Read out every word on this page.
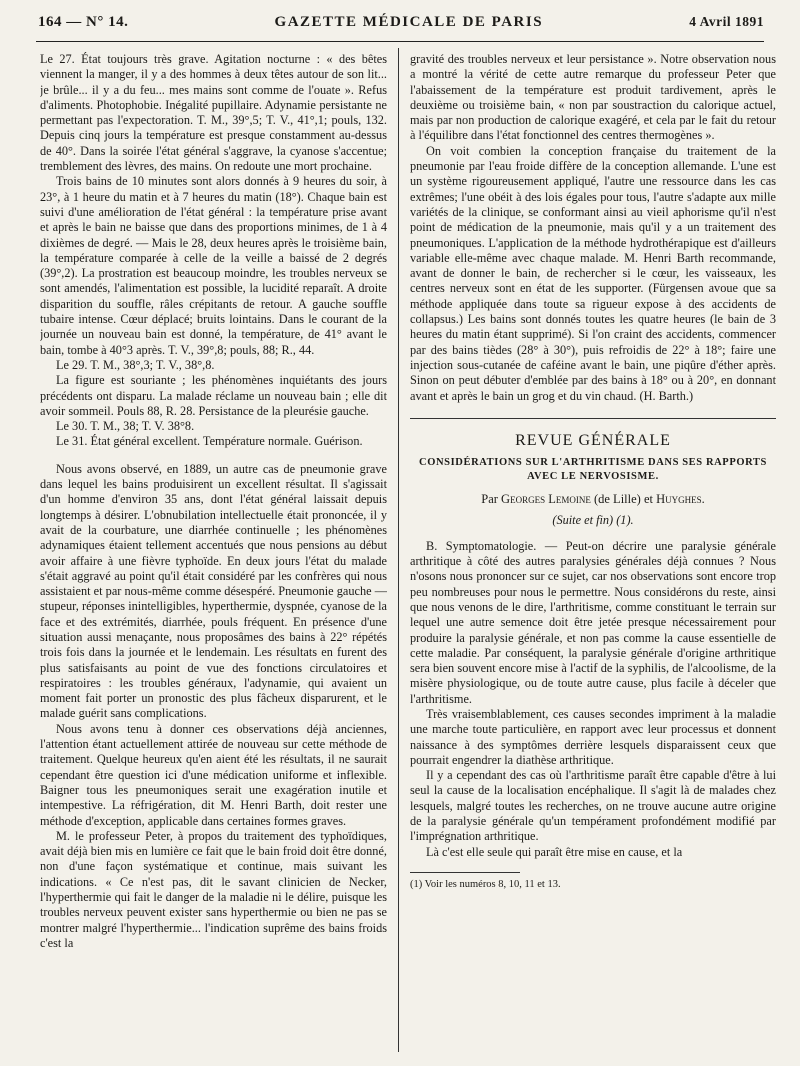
164 — N° 14.	GAZETTE MÉDICALE DE PARIS	4 Avril 1891

Le 27. État toujours très grave. Agitation nocturne : « des bêtes viennent la manger, il y a des hommes à deux têtes autour de son lit... je brûle... il y a du feu... mes mains sont comme de l'ouate ». Refus d'aliments. Photophobie. Inégalité pupillaire. Adynamie persistante ne permettant pas l'expectoration. T. M., 39°,5; T. V., 41°,1; pouls, 132. Depuis cinq jours la température est presque constamment au-dessus de 40°. Dans la soirée l'état général s'aggrave, la cyanose s'accentue; tremblement des lèvres, des mains. On redoute une mort prochaine.

Trois bains de 10 minutes sont alors donnés à 9 heures du soir, à 23°, à 1 heure du matin et à 7 heures du matin (18°). Chaque bain est suivi d'une amélioration de l'état général : la température prise avant et après le bain ne baisse que dans des proportions minimes, de 1 à 4 dixièmes de degré. — Mais le 28, deux heures après le troisième bain, la température comparée à celle de la veille a baissé de 2 degrés (39°,2). La prostration est beaucoup moindre, les troubles nerveux se sont amendés, l'alimentation est possible, la lucidité reparaît. A droite disparition du souffle, râles crépitants de retour. A gauche souffle tubaire intense. Cœur déplacé; bruits lointains. Dans le courant de la journée un nouveau bain est donné, la température, de 41° avant le bain, tombe à 40°3 après. T. V., 39°,8; pouls, 88; R., 44.

Le 29. T. M., 38°,3; T. V., 38°,8.

La figure est souriante ; les phénomènes inquiétants des jours précédents ont disparu. La malade réclame un nouveau bain ; elle dit avoir sommeil. Pouls 88, R. 28. Persistance de la pleurésie gauche.

Le 30. T. M., 38; T. V. 38°8.

Le 31. État général excellent. Température normale. Guérison.

Nous avons observé, en 1889, un autre cas de pneumonie grave dans lequel les bains produisirent un excellent résultat. Il s'agissait d'un homme d'environ 35 ans, dont l'état général laissait depuis longtemps à désirer. L'obnubilation intellectuelle était prononcée, il y avait de la courbature, une diarrhée continuelle ; les phénomènes adynamiques étaient tellement accentués que nous pensions au début avoir affaire à une fièvre typhoïde. En deux jours l'état du malade s'était aggravé au point qu'il était considéré par les confrères qui nous assistaient et par nous-même comme désespéré. Pneumonie gauche — stupeur, réponses inintelligibles, hyperthermie, dyspnée, cyanose de la face et des extrémités, diarrhée, pouls fréquent. En présence d'une situation aussi menaçante, nous proposâmes des bains à 22° répétés trois fois dans la journée et le lendemain. Les résultats en furent des plus satisfaisants au point de vue des fonctions circulatoires et respiratoires : les troubles généraux, l'adynamie, qui avaient un moment fait porter un pronostic des plus fâcheux disparurent, et le malade guérit sans complications.

Nous avons tenu à donner ces observations déjà anciennes, l'attention étant actuellement attirée de nouveau sur cette méthode de traitement. Quelque heureux qu'en aient été les résultats, il ne saurait cependant être question ici d'une médication uniforme et inflexible. Baigner tous les pneumoniques serait une exagération inutile et intempestive. La réfrigération, dit M. Henri Barth, doit rester une méthode d'exception, applicable dans certaines formes graves.

M. le professeur Peter, à propos du traitement des typhoïdiques, avait déjà bien mis en lumière ce fait que le bain froid doit être donné, non d'une façon systématique et continue, mais suivant les indications. « Ce n'est pas, dit le savant clinicien de Necker, l'hyperthermie qui fait le danger de la maladie ni le délire, puisque les troubles nerveux peuvent exister sans hyperthermie ou bien ne pas se montrer malgré l'hyperthermie... l'indication suprême des bains froids c'est la

gravité des troubles nerveux et leur persistance ». Notre observation nous a montré la vérité de cette autre remarque du professeur Peter que l'abaissement de la température est produit tardivement, après le deuxième ou troisième bain, « non par soustraction du calorique actuel, mais par non production de calorique exagéré, et cela par le fait du retour à l'équilibre dans l'état fonctionnel des centres thermogènes ».

On voit combien la conception française du traitement de la pneumonie par l'eau froide diffère de la conception allemande. L'une est un système rigoureusement appliqué, l'autre une ressource dans les cas extrêmes; l'une obéit à des lois égales pour tous, l'autre s'adapte aux mille variétés de la clinique, se conformant ainsi au vieil aphorisme qu'il n'est point de médication de la pneumonie, mais qu'il y a un traitement des pneumoniques. L'application de la méthode hydrothérapique est d'ailleurs variable elle-même avec chaque malade. M. Henri Barth recommande, avant de donner le bain, de rechercher si le cœur, les vaisseaux, les centres nerveux sont en état de les supporter. (Fürgensen avoue que sa méthode appliquée dans toute sa rigueur expose à des accidents de collapsus.) Les bains sont donnés toutes les quatre heures (le bain de 3 heures du matin étant supprimé). Si l'on craint des accidents, commencer par des bains tièdes (28° à 30°), puis refroidis de 22° à 18°; faire une injection sous-cutanée de caféine avant le bain, une piqûre d'éther après. Sinon on peut débuter d'emblée par des bains à 18° ou à 20°, en donnant avant et après le bain un grog et du vin chaud. (H. Barth.)

REVUE GÉNÉRALE
CONSIDÉRATIONS SUR L'ARTHRITISME DANS SES RAPPORTS AVEC LE NERVOSISME.
Par Georges Lemoine (de Lille) et Huyghes.
(Suite et fin) (1).

B. Symptomatologie. — Peut-on décrire une paralysie générale arthritique à côté des autres paralysies générales déjà connues ? Nous n'osons nous prononcer sur ce sujet, car nos observations sont encore trop peu nombreuses pour nous le permettre. Nous considérons du reste, ainsi que nous venons de le dire, l'arthritisme, comme constituant le terrain sur lequel une autre semence doit être jetée presque nécessairement pour produire la paralysie générale, et non pas comme la cause essentielle de cette maladie. Par conséquent, la paralysie générale d'origine arthritique sera bien souvent encore mise à l'actif de la syphilis, de l'alcoolisme, de la misère physiologique, ou de toute autre cause, plus facile à déceler que l'arthritisme.

Très vraisemblablement, ces causes secondes impriment à la maladie une marche toute particulière, en rapport avec leur processus et donnent naissance à des symptômes derrière lesquels disparaissent ceux que pourrait engendrer la diathèse arthritique.

Il y a cependant des cas où l'arthritisme paraît être capable d'être à lui seul la cause de la localisation encéphalique. Il s'agit là de malades chez lesquels, malgré toutes les recherches, on ne trouve aucune autre origine de la paralysie générale qu'un tempérament profondément modifié par l'imprégnation arthritique.

Là c'est elle seule qui paraît être mise en cause, et la

(1) Voir les numéros 8, 10, 11 et 13.
